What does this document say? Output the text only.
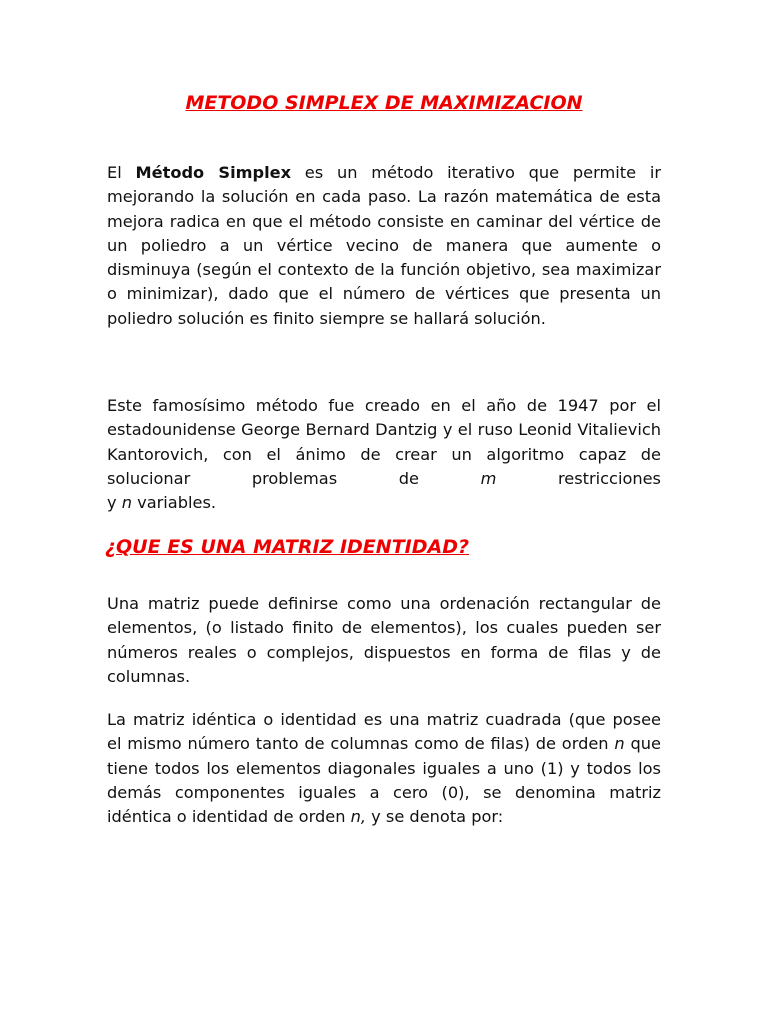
METODO SIMPLEX DE MAXIMIZACION

El Método Simplex es un método iterativo que permite ir mejorando la solución en cada paso. La razón matemática de esta mejora radica en que el método consiste en caminar del vértice de un poliedro a un vértice vecino de manera que aumente o disminuya (según el contexto de la función objetivo, sea maximizar o minimizar), dado que el número de vértices que presenta un poliedro solución es finito siempre se hallará solución.

Este famosísimo método fue creado en el año de 1947 por el estadounidense George Bernard Dantzig y el ruso Leonid Vitalievich Kantorovich, con el ánimo de crear un algoritmo capaz de solucionar problemas de m restricciones
y n variables.

¿QUE ES UNA MATRIZ IDENTIDAD?

Una matriz puede definirse como una ordenación rectangular de elementos, (o listado finito de elementos), los cuales pueden ser números reales o complejos, dispuestos en forma de filas y de columnas.

La matriz idéntica o identidad es una matriz cuadrada (que posee el mismo número tanto de columnas como de filas) de orden n que tiene todos los elementos diagonales iguales a uno (1) y todos los demás componentes iguales a cero (0), se denomina matriz idéntica o identidad de orden n, y se denota por:
